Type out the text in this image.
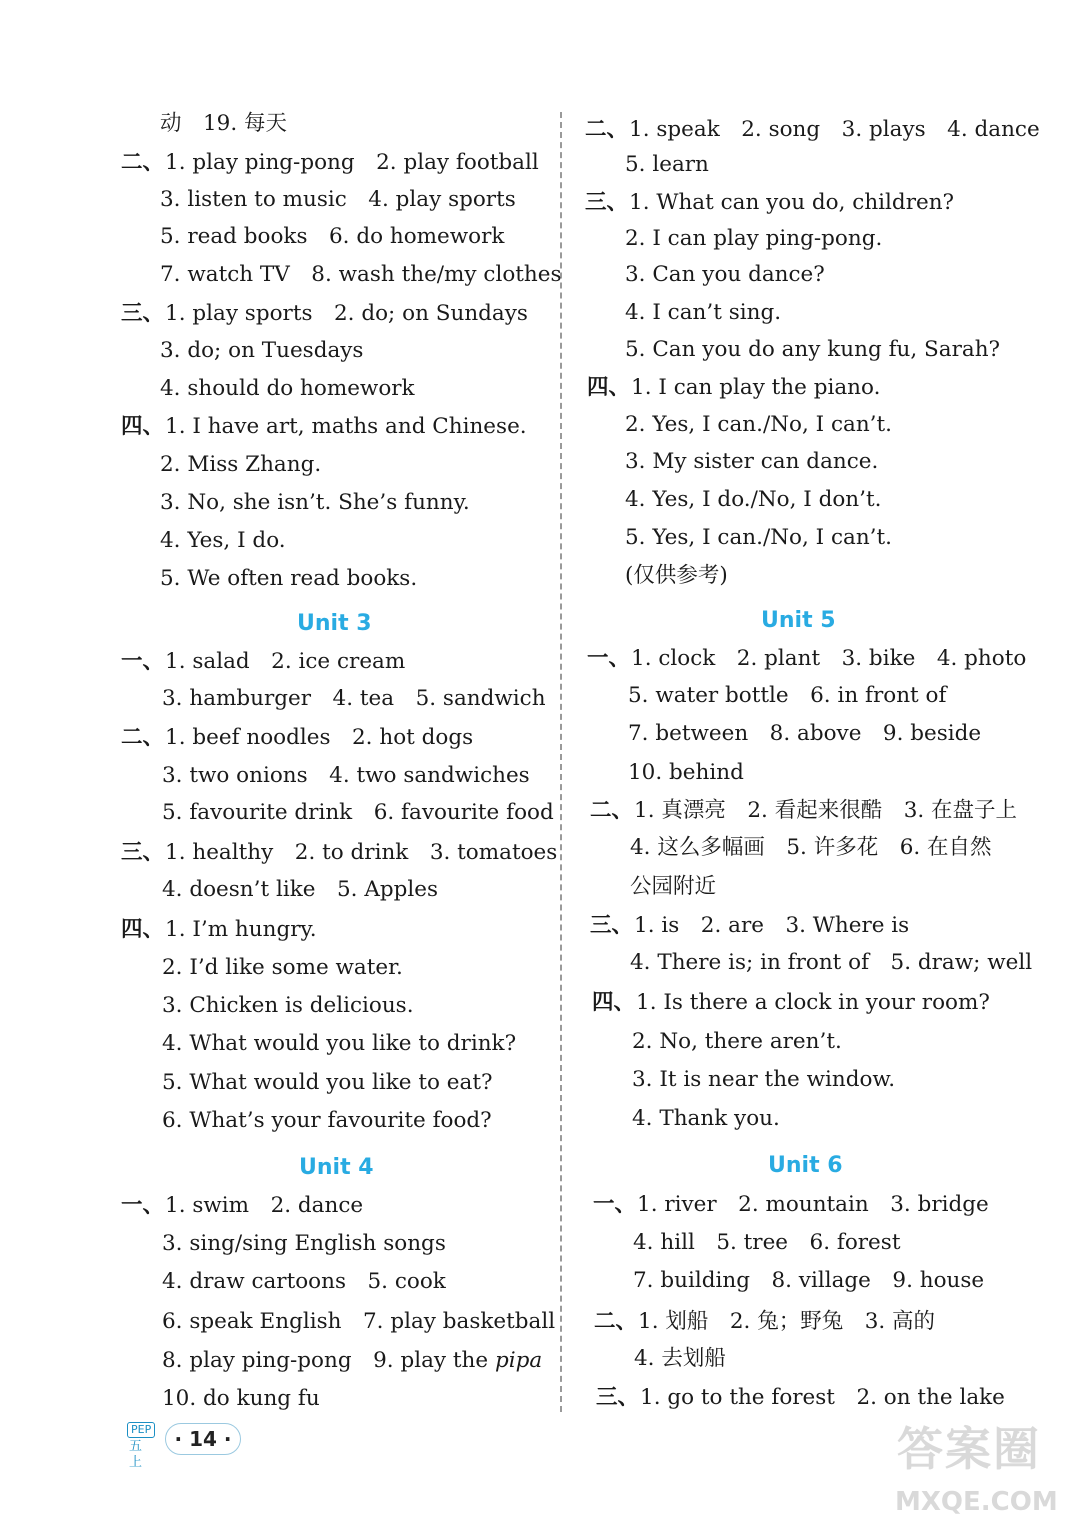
动　19. 每天
二、1. play ping-pong　2. play football
3. listen to music　4. play sports
5. read books　6. do homework
7. watch TV　8. wash the/my clothes
三、1. play sports　2. do; on Sundays
3. do; on Tuesdays
4. should do homework
四、1. I have art, maths and Chinese.
2. Miss Zhang.
3. No, she isn’t. She’s funny.
4. Yes, I do.
5. We often read books.
Unit 3
一、1. salad　2. ice cream
3. hamburger　4. tea　5. sandwich
二、1. beef noodles　2. hot dogs
3. two onions　4. two sandwiches
5. favourite drink　6. favourite food
三、1. healthy　2. to drink　3. tomatoes
4. doesn’t like　5. Apples
四、1. I’m hungry.
2. I’d like some water.
3. Chicken is delicious.
4. What would you like to drink?
5. What would you like to eat?
6. What’s your favourite food?
Unit 4
一、1. swim　2. dance
3. sing/sing English songs
4. draw cartoons　5. cook
6. speak English　7. play basketball
8. play ping-pong　9. play the pipa
10. do kung fu
二、1. speak　2. song　3. plays　4. dance
5. learn
三、1. What can you do, children?
2. I can play ping-pong.
3. Can you dance?
4. I can’t sing.
5. Can you do any kung fu, Sarah?
四、1. I can play the piano.
2. Yes, I can./No, I can’t.
3. My sister can dance.
4. Yes, I do./No, I don’t.
5. Yes, I can./No, I can’t.
(仅供参考)
Unit 5
一、1. clock　2. plant　3. bike　4. photo
5. water bottle　6. in front of
7. between　8. above　9. beside
10. behind
二、1. 真漂亮　2. 看起来很酷　3. 在盘子上
4. 这么多幅画　5. 许多花　6. 在自然
公园附近
三、1. is　2. are　3. Where is
4. There is; in front of　5. draw; well
四、1. Is there a clock in your room?
2. No, there aren’t.
3. It is near the window.
4. Thank you.
Unit 6
一、1. river　2. mountain　3. bridge
4. hill　5. tree　6. forest
7. building　8. village　9. house
二、1. 划船　2. 兔；野兔　3. 高的
4. 去划船
三、1. go to the forest　2. on the lake
PEP
五上
· 14 ·	答案圈
MXQE.COM
